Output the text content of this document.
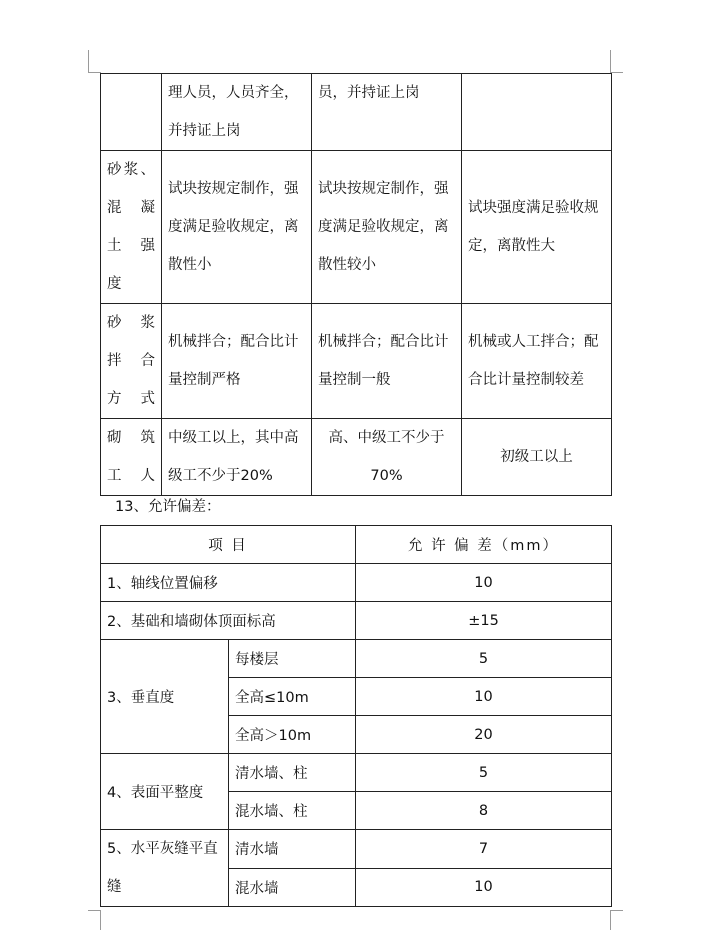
	理人员，人员齐全，并持证上岗	员，并持证上岗	
砂浆、混 凝 土 强 度	试块按规定制作，强度满足验收规定，离散性小	试块按规定制作，强度满足验收规定，离散性较小	试块强度满足验收规定，离散性大
砂 浆 拌 合 方式	机械拌合；配合比计量控制严格	机械拌合；配合比计量控制一般	机械或人工拌合；配合比计量控制较差
砌 筑 工人	中级工以上，其中高级工不少于20%	高、中级工不少于70%	初级工以上
13、允许偏差：
项 目		允 许 偏 差（mm）
1、轴线位置偏移		10
2、基础和墙砌体顶面标高		±15
3、垂直度	每楼层	5
	全高≤10m	10
	全高＞10m	20
4、表面平整度	清水墙、柱	5
	混水墙、柱	8
5、水平灰缝平直缝	清水墙	7
	混水墙	10
